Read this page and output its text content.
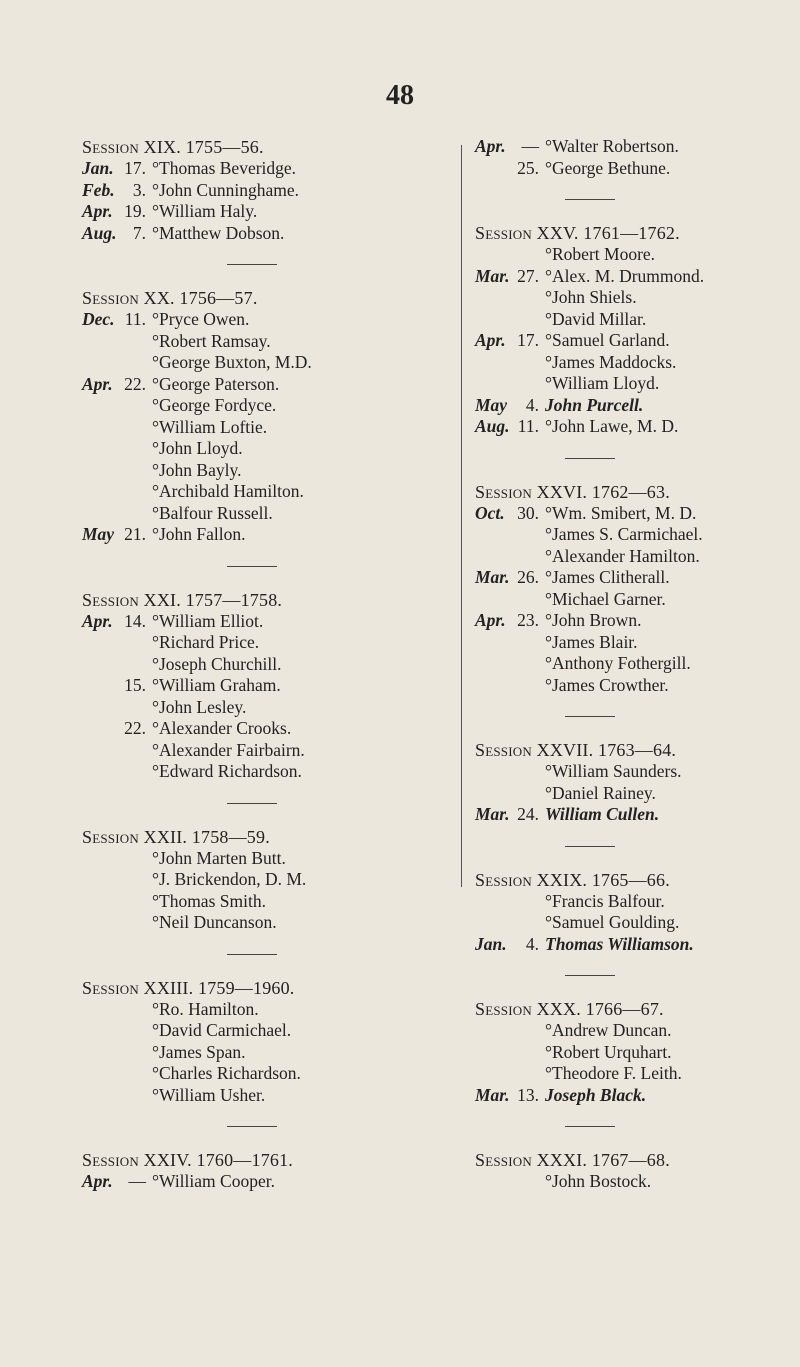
48
Session XIX. 1755—56.
Jan. 17. ° Thomas Beveridge.
Feb.	3. ° John Cunninghame.
Apr. 19. ° William Haly.
Aug. 7. ° Matthew Dobson.
Session XX. 1756—57.
Dec. 11. ° Pryce Owen.
° Robert Ramsay.
° George Buxton, M.D.
Apr. 22. ° George Paterson.
° George Fordyce.
° William Loftie.
° John Lloyd.
° John Bayly.
° Archibald Hamilton.
° Balfour Russell.
May 21. ° John Fallon.
Session XXI. 1757—1758.
Apr. 14. ° William Elliot.
° Richard Price.
° Joseph Churchill.
15. ° William Graham.
° John Lesley.
22. ° Alexander Crooks.
° Alexander Fairbairn.
° Edward Richardson.
Session XXII. 1758—59.
° John Marten Butt.
° J. Brickendon, D. M.
° Thomas Smith.
° Neil Duncanson.
Session XXIII. 1759—1960.
° Ro. Hamilton.
° David Carmichael.
° James Span.
° Charles Richardson.
° William Usher.
Session XXIV. 1760—1761.
Apr. — ° William Cooper.
Apr. — ° Walter Robertson.
25. ° George Bethune.
Session XXV. 1761—1762.
° Robert Moore.
Mar. 27. ° Alex. M. Drummond.
° John Shiels.
° David Millar.
Apr. 17. ° Samuel Garland.
° James Maddocks.
° William Lloyd.
May	4. John Purcell.
Aug. 11. ° John Lawe, M. D.
Session XXVI. 1762—63.
Oct. 30. ° Wm. Smibert, M. D.
° James S. Carmichael.
° Alexander Hamilton.
Mar. 26. ° James Clitherall.
° Michael Garner.
Apr. 23. ° John Brown.
° James Blair.
° Anthony Fothergill.
° James Crowther.
Session XXVII. 1763—64.
° William Saunders.
° Daniel Rainey.
Mar. 24. William Cullen.
Session XXIX. 1765—66.
° Francis Balfour.
° Samuel Goulding.
Jan.	4. Thomas Williamson.
Session XXX. 1766—67.
° Andrew Duncan.
° Robert Urquhart.
° Theodore F. Leith.
Mar. 13. Joseph Black.
Session XXXI. 1767—68.
° John Bostock.
